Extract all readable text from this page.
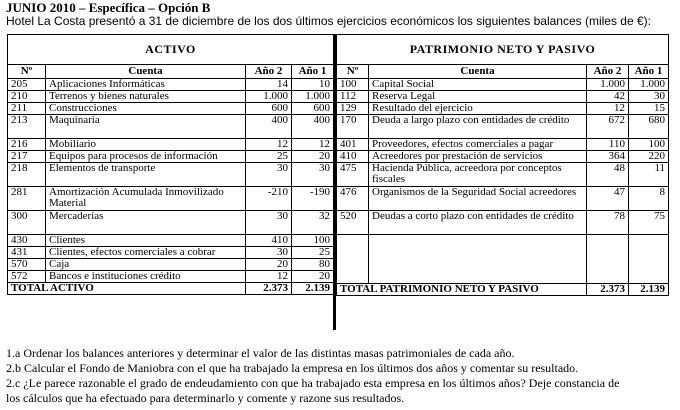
JUNIO 2010 – Específica – Opción B
Hotel La Costa presentó a 31 de diciembre de los dos últimos ejercicios económicos los siguientes balances (miles de €):
ACTIVO			
Nº	Cuenta	Año 2	Año 1
205	Aplicaciones Informáticas	14	10
210	Terrenos y bienes naturales	1.000	1.000
211	Construcciones	600	600
213	Maquinaria	400	400
216	Mobiliario	12	12
217	Equipos para procesos de información	25	20
218	Elementos de transporte	30	30
281	Amortización Acumulada Inmovilizado Material	-210	-190
300	Mercaderías	30	32
430	Clientes	410	100
431	Clientes, efectos comerciales a cobrar	30	25
570	Caja	20	80
572	Bancos e instituciones crédito	12	20
TOTAL ACTIVO		2.373	2.139
PATRIMONIO NETO Y PASIVO			
Nº	Cuenta	Año 2	Año 1
100	Capital Social	1.000	1.000
112	Reserva Legal	42	30
129	Resultado del ejercicio	12	15
170	Deuda a largo plazo con entidades de crédito	672	680
401	Proveedores, efectos comerciales a pagar	110	100
410	Acreedores por prestación de servicios	364	220
475	Hacienda Pública, acreedora por conceptos fiscales	48	11
476	Organismos de la Seguridad Social acreedores	47	8
520	Deudas a corto plazo con entidades de crédito	78	75

TOTAL PATRIMONIO NETO Y PASIVO		2.373	2.139
1.a Ordenar los balances anteriores y determinar el valor de las distintas masas patrimoniales de cada año.
2.b Calcular el Fondo de Maniobra con el que ha trabajado la empresa en los últimos dos años y comentar su resultado.
2.c ¿Le parece razonable el grado de endeudamiento con que ha trabajado esta empresa en los últimos años? Deje constancia de
los cálculos que ha efectuado para determinarlo y comente y razone sus resultados.
